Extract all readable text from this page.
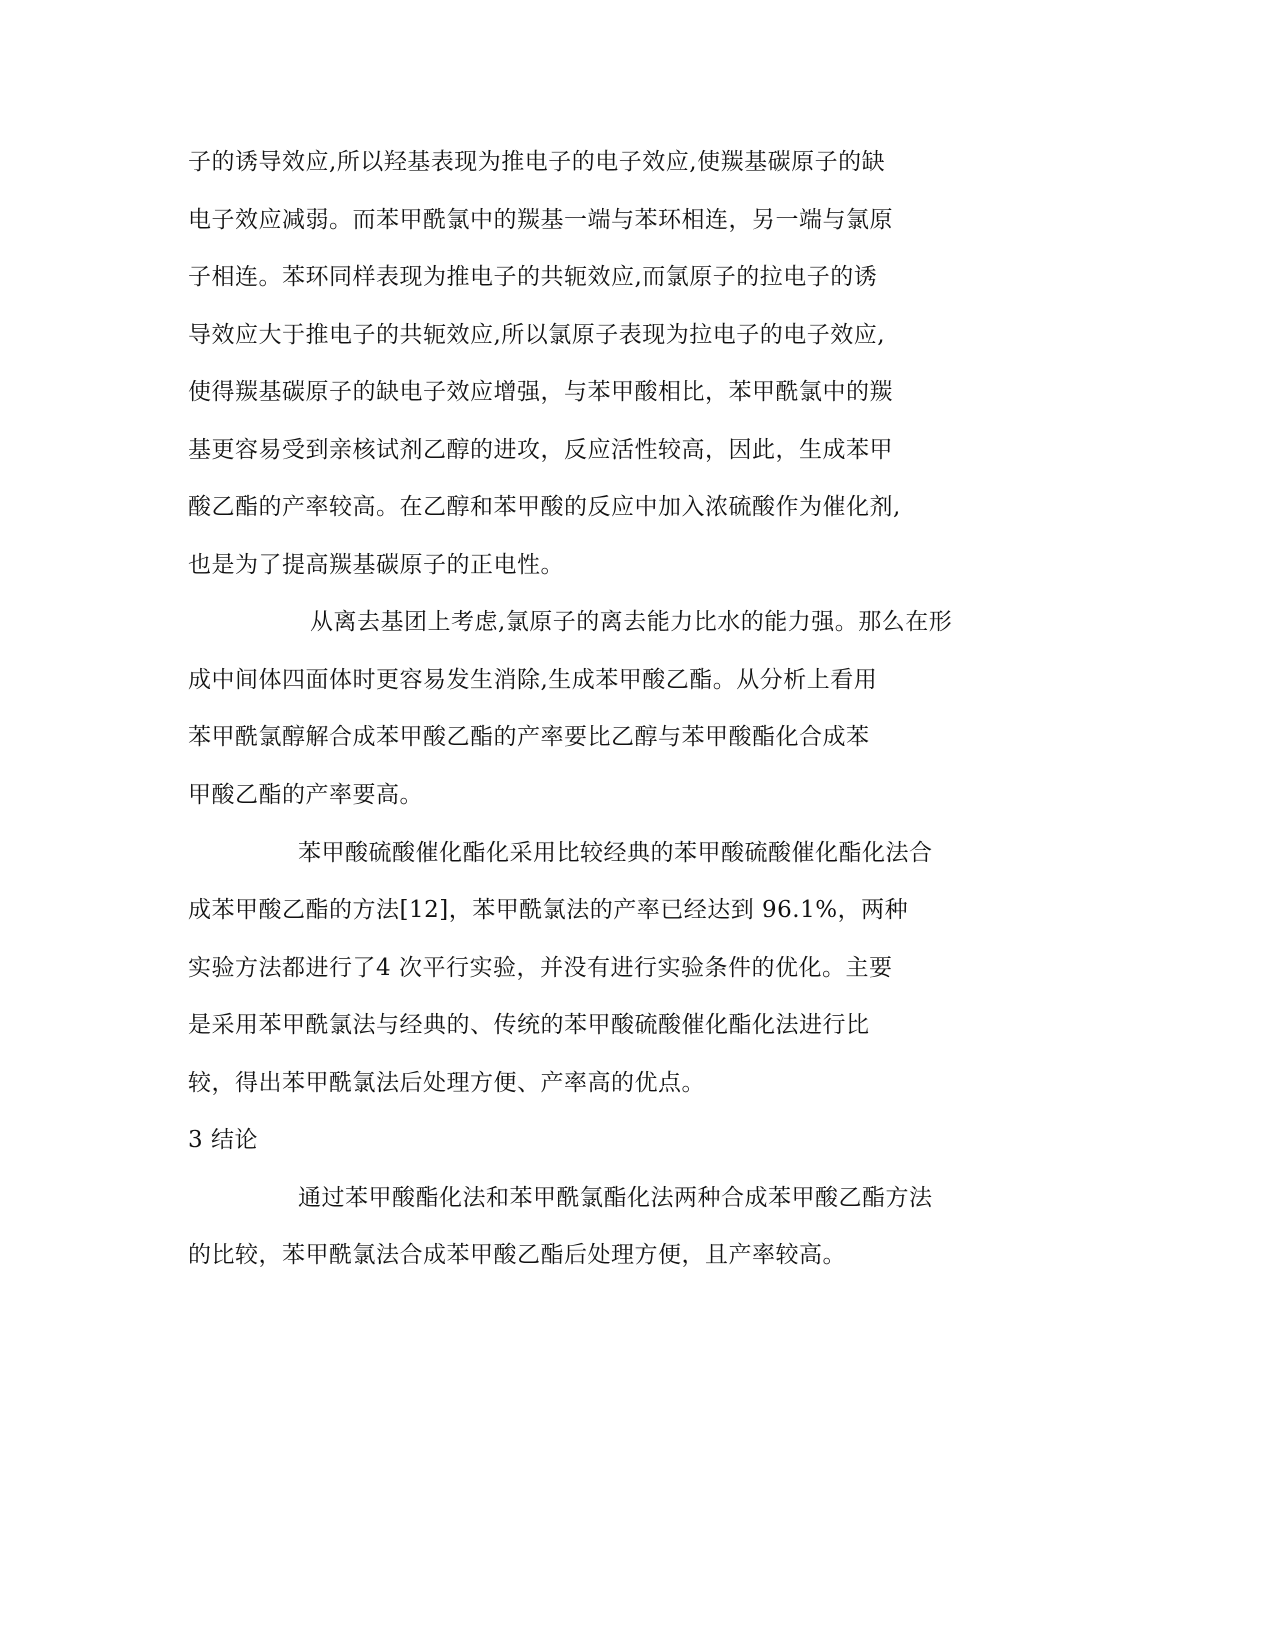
子的诱导效应,所以羟基表现为推电子的电子效应,使羰基碳原子的缺
电子效应减弱。而苯甲酰氯中的羰基一端与苯环相连，另一端与氯原
子相连。苯环同样表现为推电子的共轭效应,而氯原子的拉电子的诱
导效应大于推电子的共轭效应,所以氯原子表现为拉电子的电子效应,
使得羰基碳原子的缺电子效应增强，与苯甲酸相比，苯甲酰氯中的羰
基更容易受到亲核试剂乙醇的进攻，反应活性较高，因此，生成苯甲
酸乙酯的产率较高。在乙醇和苯甲酸的反应中加入浓硫酸作为催化剂,
也是为了提高羰基碳原子的正电性。
从离去基团上考虑,氯原子的离去能力比水的能力强。那么在形
成中间体四面体时更容易发生消除,生成苯甲酸乙酯。从分析上看用
苯甲酰氯醇解合成苯甲酸乙酯的产率要比乙醇与苯甲酸酯化合成苯
甲酸乙酯的产率要高。
苯甲酸硫酸催化酯化采用比较经典的苯甲酸硫酸催化酯化法合
成苯甲酸乙酯的方法[12]，苯甲酰氯法的产率已经达到 96.1%，两种
实验方法都进行了4 次平行实验，并没有进行实验条件的优化。主要
是采用苯甲酰氯法与经典的、传统的苯甲酸硫酸催化酯化法进行比
较，得出苯甲酰氯法后处理方便、产率高的优点。
3 结论
通过苯甲酸酯化法和苯甲酰氯酯化法两种合成苯甲酸乙酯方法
的比较，苯甲酰氯法合成苯甲酸乙酯后处理方便，且产率较高。
